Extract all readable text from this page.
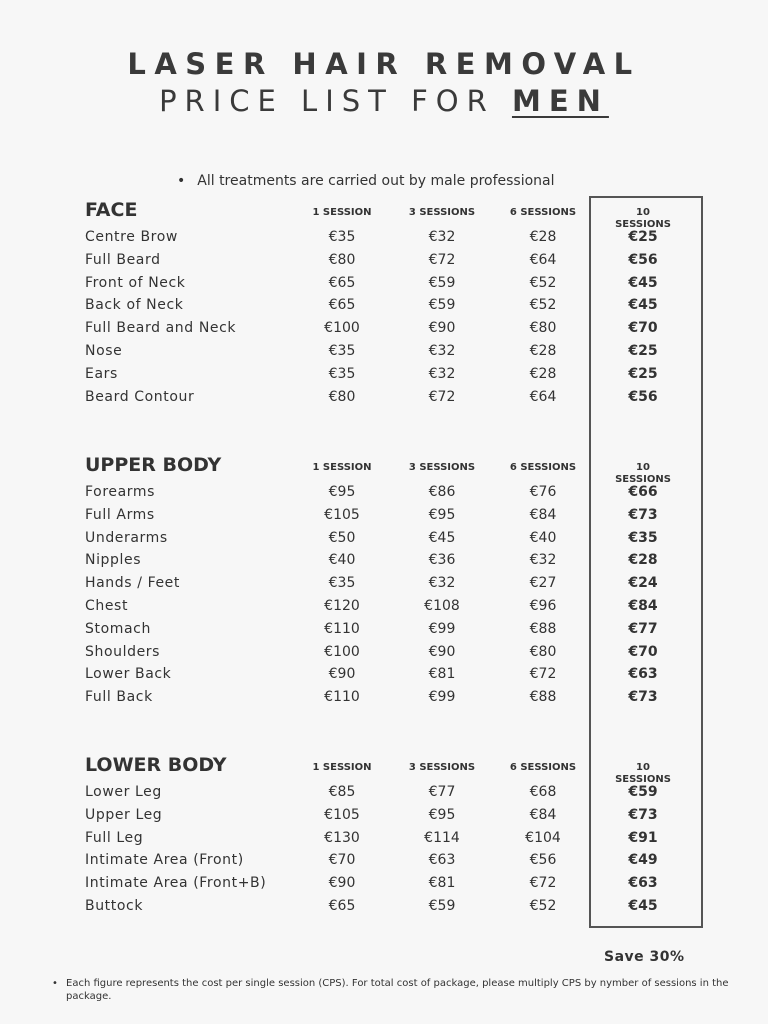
LASER HAIR REMOVAL
PRICE LIST FOR MEN
• All treatments are carried out by male professional
FACE	1 SESSION	3 SESSIONS	6 SESSIONS	10
SESSIONS
Centre Brow	€35	€32	€28	€25
Full Beard	€80	€72	€64	€56
Front of Neck	€65	€59	€52	€45
Back of Neck	€65	€59	€52	€45
Full Beard and Neck	€100	€90	€80	€70
Nose	€35	€32	€28	€25
Ears	€35	€32	€28	€25
Beard Contour	€80	€72	€64	€56
UPPER BODY	1 SESSION	3 SESSIONS	6 SESSIONS	10
SESSIONS
Forearms	€95	€86	€76	€66
Full Arms	€105	€95	€84	€73
Underarms	€50	€45	€40	€35
Nipples	€40	€36	€32	€28
Hands / Feet	€35	€32	€27	€24
Chest	€120	€108	€96	€84
Stomach	€110	€99	€88	€77
Shoulders	€100	€90	€80	€70
Lower Back	€90	€81	€72	€63
Full Back	€110	€99	€88	€73
LOWER BODY	1 SESSION	3 SESSIONS	6 SESSIONS	10
SESSIONS
Lower Leg	€85	€77	€68	€59
Upper Leg	€105	€95	€84	€73
Full Leg	€130	€114	€104	€91
Intimate Area (Front)	€70	€63	€56	€49
Intimate Area (Front+B)	€90	€81	€72	€63
Buttock	€65	€59	€52	€45
Save 30%
• Each figure represents the cost per single session (CPS). For total cost of package, please multiply CPS by nymber of sessions in the package.
